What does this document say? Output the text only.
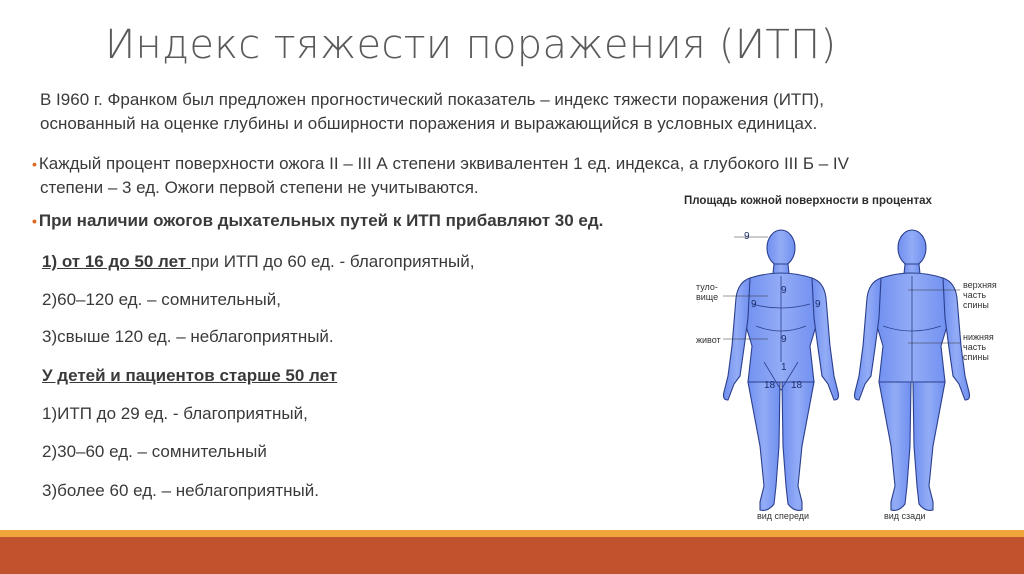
Индекс тяжести поражения (ИТП)
В I960 г. Франком был предложен прогностический показатель – индекс тяжести поражения (ИТП),
основанный на оценке глубины и обширности поражения и выражающийся в условных единицах.
• Каждый процент поверхности ожога II – III А степени эквивалентен 1 ед. индекса, а глубокого III Б – IV
степени – 3 ед. Ожоги первой степени не учитываются.
• При наличии ожогов дыхательных путей к ИТП прибавляют 30 ед.
1) от 16 до 50 лет при ИТП до 60 ед. - благоприятный,
2)60–120 ед. – сомнительный,
3)свыше 120 ед. – неблагоприятный.
У детей и пациентов старше 50 лет
1)ИТП до 29 ед. - благоприятный,
2)30–60 ед. – сомнительный
3)более 60 ед. – неблагоприятный.
Площадь кожной поверхности в процентах
9
9
9	9
9
1
18 18
туло-
вище
живот
верхняя
часть
спины
нижняя
часть
спины
вид спереди	вид сзади
